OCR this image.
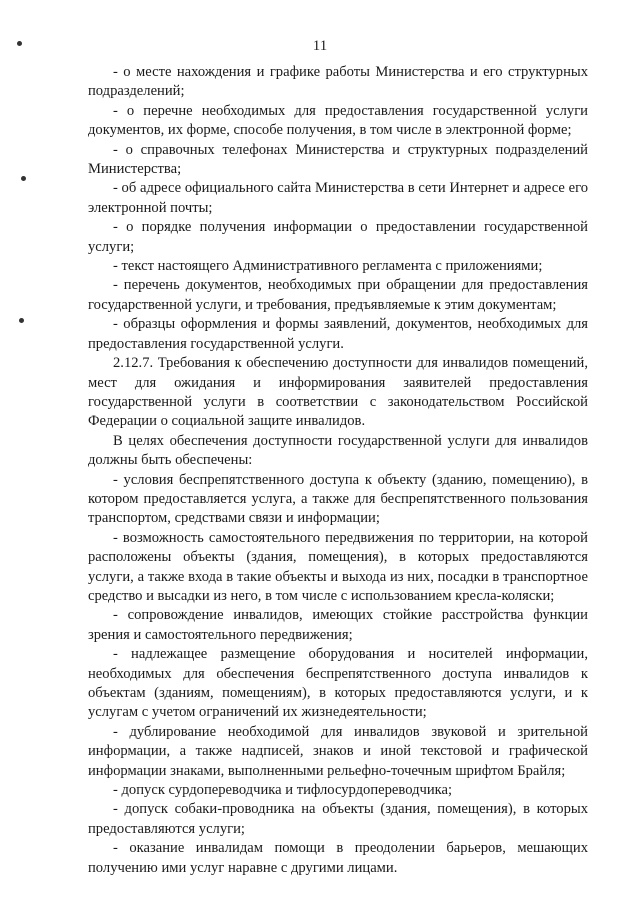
11

- о месте нахождения и графике работы Министерства и его структурных подразделений;

- о перечне необходимых для предоставления государственной услуги документов, их форме, способе получения, в том числе в электронной форме;

- о справочных телефонах Министерства и структурных подразделений Министерства;

- об адресе официального сайта Министерства в сети Интернет и адресе его электронной почты;

- о порядке получения информации о предоставлении государственной услуги;

- текст настоящего Административного регламента с приложениями;

- перечень документов, необходимых при обращении для предоставления государственной услуги, и требования, предъявляемые к этим документам;

- образцы оформления и формы заявлений, документов, необходимых для предоставления государственной услуги.

2.12.7. Требования к обеспечению доступности для инвалидов помещений, мест для ожидания и информирования заявителей предоставления государственной услуги в соответствии с законодательством Российской Федерации о социальной защите инвалидов.

В целях обеспечения доступности государственной услуги для инвалидов должны быть обеспечены:

- условия беспрепятственного доступа к объекту (зданию, помещению), в котором предоставляется услуга, а также для беспрепятственного пользования транспортом, средствами связи и информации;

- возможность самостоятельного передвижения по территории, на которой расположены объекты (здания, помещения), в которых предоставляются услуги, а также входа в такие объекты и выхода из них, посадки в транспортное средство и высадки из него, в том числе с использованием кресла-коляски;

- сопровождение инвалидов, имеющих стойкие расстройства функции зрения и самостоятельного передвижения;

- надлежащее размещение оборудования и носителей информации, необходимых для обеспечения беспрепятственного доступа инвалидов к объектам (зданиям, помещениям), в которых предоставляются услуги, и к услугам с учетом ограничений их жизнедеятельности;

- дублирование необходимой для инвалидов звуковой и зрительной информации, а также надписей, знаков и иной текстовой и графической информации знаками, выполненными рельефно-точечным шрифтом Брайля;

- допуск сурдопереводчика и тифлосурдопереводчика;

- допуск собаки-проводника на объекты (здания, помещения), в которых предоставляются услуги;

- оказание инвалидам помощи в преодолении барьеров, мешающих получению ими услуг наравне с другими лицами.
